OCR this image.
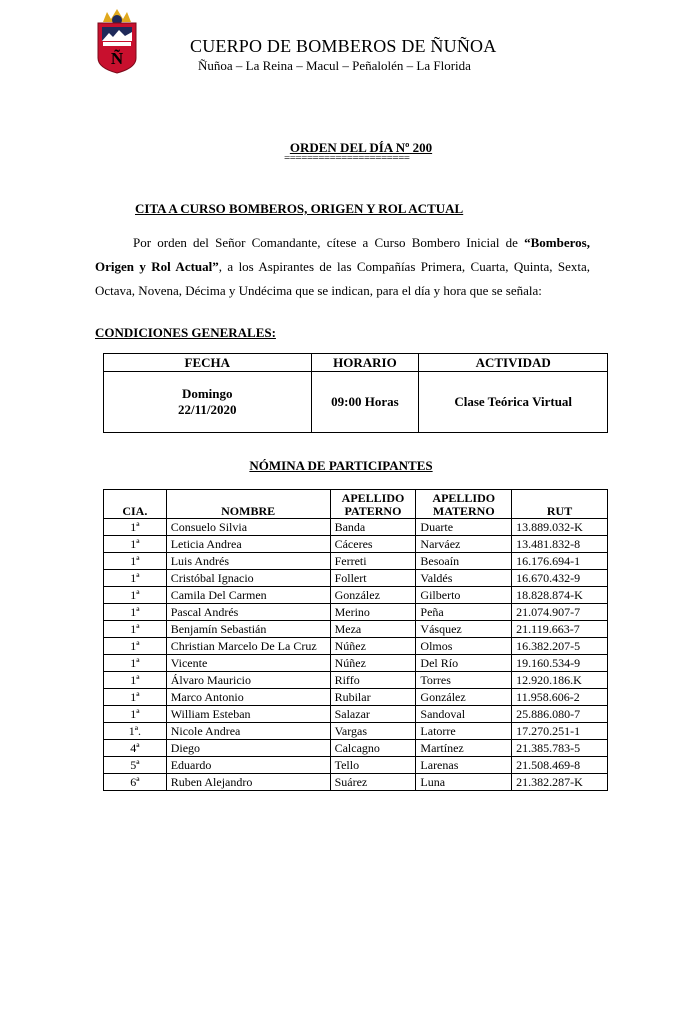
Ñ
CUERPO DE BOMBEROS DE ÑUÑOA
Ñuñoa – La Reina – Macul – Peñalolén – La Florida
ORDEN DEL DÍA Nº 200
======================
CITA A CURSO BOMBEROS, ORIGEN Y ROL ACTUAL
Por orden del Señor Comandante, cítese a Curso Bombero Inicial de “Bomberos, Origen y Rol Actual”, a los Aspirantes de las Compañías Primera, Cuarta, Quinta, Sexta, Octava, Novena, Décima y Undécima que se indican, para el día y hora que se señala:
CONDICIONES GENERALES:
FECHA	HORARIO	ACTIVIDAD

Domingo
22/11/2020	09:00 Horas	Clase Teórica Virtual
NÓMINA DE PARTICIPANTES
CIA.	NOMBRE	APELLIDO PATERNO	APELLIDO MATERNO	RUT
1ª	Consuelo Silvia	Banda	Duarte	13.889.032-K
1ª	Leticia Andrea	Cáceres	Narváez	13.481.832-8
1ª	Luis Andrés	Ferreti	Besoaín	16.176.694-1
1ª	Cristóbal Ignacio	Follert	Valdés	16.670.432-9
1ª	Camila Del Carmen	González	Gilberto	18.828.874-K
1ª	Pascal Andrés	Merino	Peña	21.074.907-7
1ª	Benjamín Sebastián	Meza	Vásquez	21.119.663-7
1ª	Christian Marcelo De La Cruz	Núñez	Olmos	16.382.207-5
1ª	Vicente	Núñez	Del Río	19.160.534-9
1ª	Álvaro Mauricio	Riffo	Torres	12.920.186.K
1ª	Marco Antonio	Rubilar	González	11.958.606-2
1ª	William Esteban	Salazar	Sandoval	25.886.080-7
1ª.	Nicole Andrea	Vargas	Latorre	17.270.251-1
4ª	Diego	Calcagno	Martínez	21.385.783-5
5ª	Eduardo	Tello	Larenas	21.508.469-8
6ª	Ruben Alejandro	Suárez	Luna	21.382.287-K
